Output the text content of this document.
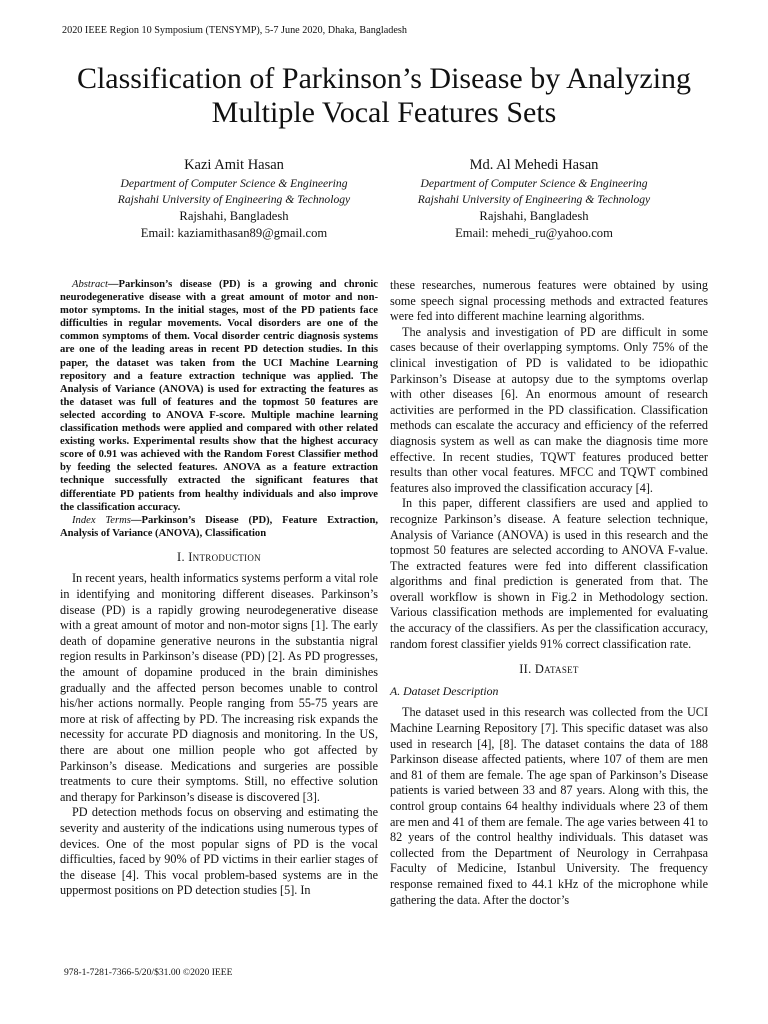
2020 IEEE Region 10 Symposium (TENSYMP), 5-7 June 2020, Dhaka, Bangladesh
Classification of Parkinson’s Disease by Analyzing
Multiple Vocal Features Sets
Kazi Amit Hasan
Department of Computer Science & Engineering
Rajshahi University of Engineering & Technology
Rajshahi, Bangladesh
Email: kaziamithasan89@gmail.com
Md. Al Mehedi Hasan
Department of Computer Science & Engineering
Rajshahi University of Engineering & Technology
Rajshahi, Bangladesh
Email: mehedi_ru@yahoo.com

Abstract—Parkinson’s disease (PD) is a growing and chronic neurodegenerative disease with a great amount of motor and non-motor symptoms. In the initial stages, most of the PD patients face difficulties in regular movements. Vocal disorders are one of the common symptoms of them. Vocal disorder centric diagnosis systems are one of the leading areas in recent PD detection studies. In this paper, the dataset was taken from the UCI Machine Learning repository and a feature extraction technique was applied. The Analysis of Variance (ANOVA) is used for extracting the features as the dataset was full of features and the topmost 50 features are selected according to ANOVA F-score. Multiple machine learning classification methods were applied and compared with other related existing works. Experimental results show that the highest accuracy score of 0.91 was achieved with the Random Forest Classifier method by feeding the selected features. ANOVA as a feature extraction technique successfully extracted the significant features that differentiate PD patients from healthy individuals and also improve the classification accuracy.

Index Terms—Parkinson’s Disease (PD), Feature Extraction, Analysis of Variance (ANOVA), Classification

I. Introduction

In recent years, health informatics systems perform a vital role in identifying and monitoring different diseases. Parkinson’s disease (PD) is a rapidly growing neurodegenerative disease with a great amount of motor and non-motor signs [1]. The early death of dopamine generative neurons in the substantia nigral region results in Parkinson’s disease (PD) [2]. As PD progresses, the amount of dopamine produced in the brain diminishes gradually and the affected person becomes unable to control his/her actions normally. People ranging from 55-75 years are more at risk of affecting by PD. The increasing risk expands the necessity for accurate PD diagnosis and monitoring. In the US, there are about one million people who got affected by Parkinson’s disease. Medications and surgeries are possible treatments to cure their symptoms. Still, no effective solution and therapy for Parkinson’s disease is discovered [3].

PD detection methods focus on observing and estimating the severity and austerity of the indications using numerous types of devices. One of the most popular signs of PD is the vocal difficulties, faced by 90% of PD victims in their earlier stages of the disease [4]. This vocal problem-based systems are in the uppermost positions on PD detection studies [5]. In

these researches, numerous features were obtained by using some speech signal processing methods and extracted features were fed into different machine learning algorithms.

The analysis and investigation of PD are difficult in some cases because of their overlapping symptoms. Only 75% of the clinical investigation of PD is validated to be idiopathic Parkinson’s Disease at autopsy due to the symptoms overlap with other diseases [6]. An enormous amount of research activities are performed in the PD classification. Classification methods can escalate the accuracy and efficiency of the referred diagnosis system as well as can make the diagnosis time more effective. In recent studies, TQWT features produced better results than other vocal features. MFCC and TQWT combined features also improved the classification accuracy [4].

In this paper, different classifiers are used and applied to recognize Parkinson’s disease. A feature selection technique, Analysis of Variance (ANOVA) is used in this research and the topmost 50 features are selected according to ANOVA F-value. The extracted features were fed into different classification algorithms and final prediction is generated from that. The overall workflow is shown in Fig.2 in Methodology section. Various classification methods are implemented for evaluating the accuracy of the classifiers. As per the classification accuracy, random forest classifier yields 91% correct classification rate.

II. Dataset
A. Dataset Description

The dataset used in this research was collected from the UCI Machine Learning Repository [7]. This specific dataset was also used in research [4], [8]. The dataset contains the data of 188 Parkinson disease affected patients, where 107 of them are men and 81 of them are female. The age span of Parkinson’s Disease patients is varied between 33 and 87 years. Along with this, the control group contains 64 healthy individuals where 23 of them are men and 41 of them are female. The age varies between 41 to 82 years of the control healthy individuals. This dataset was collected from the Department of Neurology in Cerrahpasa Faculty of Medicine, Istanbul University. The frequency response remained fixed to 44.1 kHz of the microphone while gathering the data. After the doctor’s

978-1-7281-7366-5/20/$31.00 ©2020 IEEE
